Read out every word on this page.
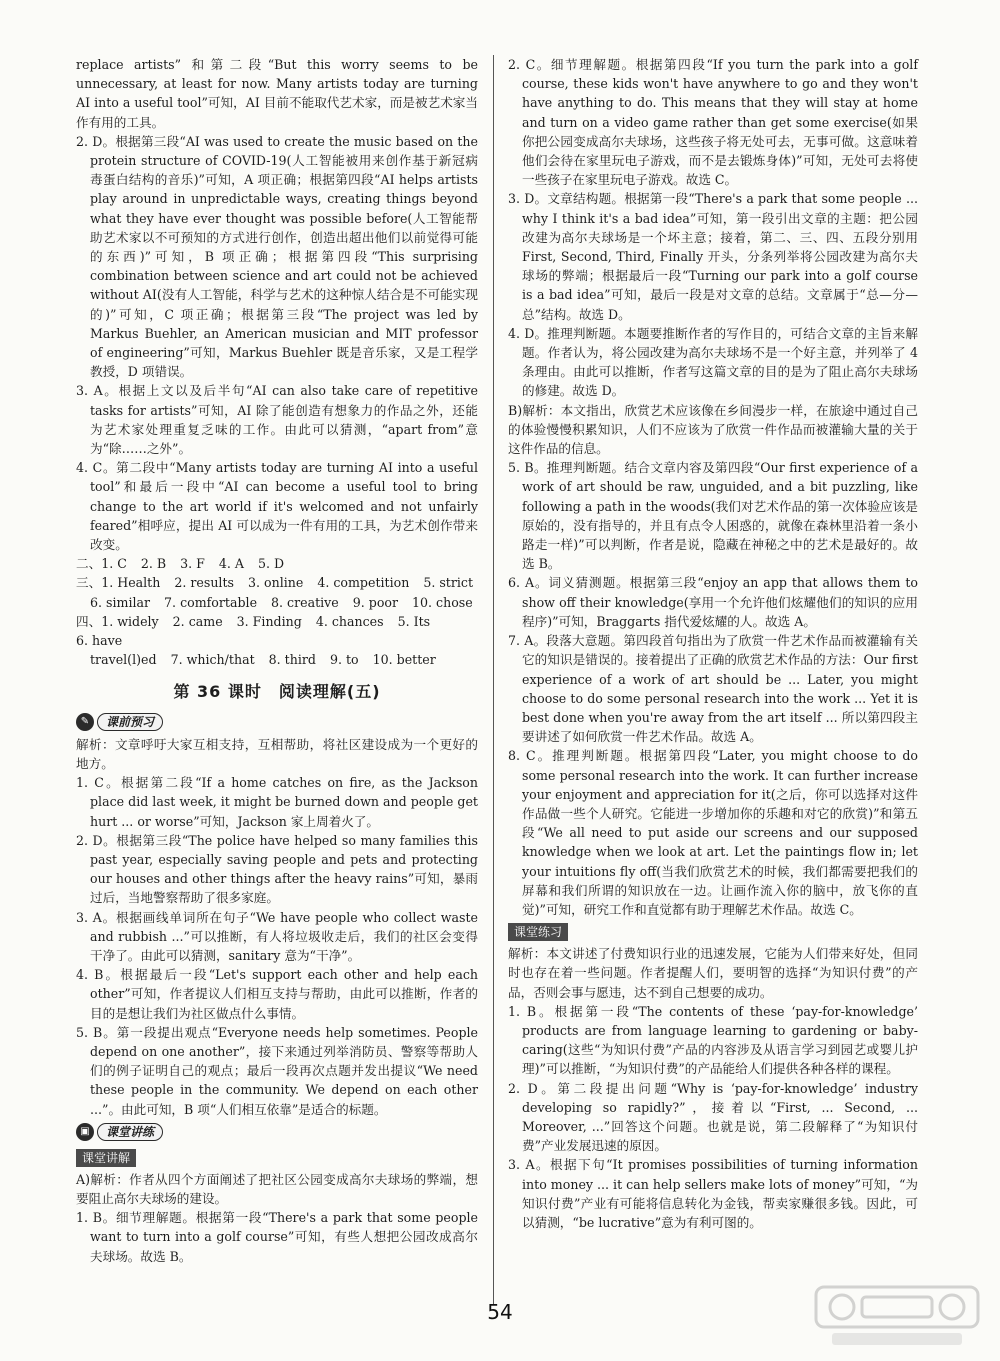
replace artists” 和第二段“But this worry seems to be unnecessary, at least for now. Many artists today are turning AI into a useful tool”可知，AI 目前不能取代艺术家，而是被艺术家当作有用的工具。

2. D。根据第三段“AI was used to create the music based on the protein structure of COVID-19(人工智能被用来创作基于新冠病毒蛋白结构的音乐)”可知，A 项正确；根据第四段“AI helps artists play around in unpredictable ways, creating things beyond what they have ever thought was possible before(人工智能帮助艺术家以不可预知的方式进行创作，创造出超出他们以前觉得可能的东西)”可知，B 项正确；根据第四段“This surprising combination between science and art could not be achieved without AI(没有人工智能，科学与艺术的这种惊人结合是不可能实现的)”可知，C 项正确；根据第三段“The project was led by Markus Buehler, an American musician and MIT professor of engineering”可知，Markus Buehler 既是音乐家，又是工程学教授，D 项错误。

3. A。根据上文以及后半句“AI can also take care of repetitive tasks for artists”可知，AI 除了能创造有想象力的作品之外，还能为艺术家处理重复乏味的工作。由此可以猜测，“apart from”意为“除……之外”。

4. C。第二段中“Many artists today are turning AI into a useful tool”和最后一段中“AI can become a useful tool to bring change to the art world if it's welcomed and not unfairly feared”相呼应，提出 AI 可以成为一件有用的工具，为艺术创作带来改变。

二、1. C 2. B 3. F 4. A 5. D
三、1. Health 2. results 3. online 4. competition 5. strict
6. similar 7. comfortable 8. creative 9. poor 10. chose
四、1. widely 2. came 3. Finding 4. chances 5. Its
6. have
travel(l)ed 7. which/that 8. third 9. to 10. better
第 36 课时　阅读理解(五)
✎	课前预习

解析：文章呼吁大家互相支持，互相帮助，将社区建设成为一个更好的地方。

1. C。根据第二段“If a home catches on fire, as the Jackson place did last week, it might be burned down and people get hurt ... or worse”可知，Jackson 家上周着火了。

2. D。根据第三段“The police have helped so many families this past year, especially saving people and pets and protecting our houses and other things after the heavy rains”可知，暴雨过后，当地警察帮助了很多家庭。

3. A。根据画线单词所在句子“We have people who collect waste and rubbish ...”可以推断，有人将垃圾收走后，我们的社区会变得干净了。由此可以猜测，sanitary 意为“干净”。

4. B。根据最后一段“Let's support each other and help each other”可知，作者提议人们相互支持与帮助，由此可以推断，作者的目的是想让我们为社区做点什么事情。

5. B。第一段提出观点“Everyone needs help sometimes. People depend on one another”，接下来通过列举消防员、警察等帮助人们的例子证明自己的观点；最后一段再次点题并发出提议“We need these people in the community. We depend on each other ...”。由此可知，B 项“人们相互依靠”是适合的标题。

▣	课堂讲练
课堂讲解

A)解析：作者从四个方面阐述了把社区公园变成高尔夫球场的弊端，想要阻止高尔夫球场的建设。

1. B。细节理解题。根据第一段“There's a park that some people want to turn into a golf course”可知，有些人想把公园改成高尔夫球场。故选 B。

2. C。细节理解题。根据第四段“If you turn the park into a golf course, these kids won't have anywhere to go and they won't have anything to do. This means that they will stay at home and turn on a video game rather than get some exercise(如果你把公园变成高尔夫球场，这些孩子将无处可去，无事可做。这意味着他们会待在家里玩电子游戏，而不是去锻炼身体)”可知，无处可去将使一些孩子在家里玩电子游戏。故选 C。

3. D。文章结构题。根据第一段“There's a park that some people ... why I think it's a bad idea”可知，第一段引出文章的主题：把公园改建为高尔夫球场是一个坏主意；接着，第二、三、四、五段分别用 First, Second, Third, Finally 开头，分条列举将公园改建为高尔夫球场的弊端；根据最后一段“Turning our park into a golf course is a bad idea”可知，最后一段是对文章的总结。文章属于“总—分—总”结构。故选 D。

4. D。推理判断题。本题要推断作者的写作目的，可结合文章的主旨来解题。作者认为，将公园改建为高尔夫球场不是一个好主意，并列举了 4 条理由。由此可以推断，作者写这篇文章的目的是为了阻止高尔夫球场的修建。故选 D。

B)解析：本文指出，欣赏艺术应该像在乡间漫步一样，在旅途中通过自己的体验慢慢积累知识，人们不应该为了欣赏一件作品而被灌输大量的关于这件作品的信息。

5. B。推理判断题。结合文章内容及第四段“Our first experience of a work of art should be raw, unguided, and a bit puzzling, like following a path in the woods(我们对艺术作品的第一次体验应该是原始的，没有指导的，并且有点令人困惑的，就像在森林里沿着一条小路走一样)”可以判断，作者是说，隐藏在神秘之中的艺术是最好的。故选 B。

6. A。词义猜测题。根据第三段“enjoy an app that allows them to show off their knowledge(享用一个允许他们炫耀他们的知识的应用程序)”可知，Braggarts 指代爱炫耀的人。故选 A。

7. A。段落大意题。第四段首句指出为了欣赏一件艺术作品而被灌输有关它的知识是错误的。接着提出了正确的欣赏艺术作品的方法：Our first experience of a work of art should be ... Later, you might choose to do some personal research into the work ... Yet it is best done when you're away from the art itself ... 所以第四段主要讲述了如何欣赏一件艺术作品。故选 A。

8. C。推理判断题。根据第四段“Later, you might choose to do some personal research into the work. It can further increase your enjoyment and appreciation for it(之后，你可以选择对这件作品做一些个人研究。它能进一步增加你的乐趣和对它的欣赏)”和第五段“We all need to put aside our screens and our supposed knowledge when we look at art. Let the paintings flow in; let your intuitions fly off(当我们欣赏艺术的时候，我们都需要把我们的屏幕和我们所谓的知识放在一边。让画作流入你的脑中，放飞你的直觉)”可知，研究工作和直觉都有助于理解艺术作品。故选 C。

课堂练习

解析：本文讲述了付费知识行业的迅速发展，它能为人们带来好处，但同时也存在着一些问题。作者提醒人们，要明智的选择“为知识付费”的产品，否则会事与愿违，达不到自己想要的成功。

1. B。根据第一段“The contents of these ‘pay-for-knowledge’ products are from language learning to gardening or baby-caring(这些“为知识付费”产品的内容涉及从语言学习到园艺或婴儿护理)”可以推断，“为知识付费”的产品能给人们提供各种各样的课程。

2. D。第二段提出问题“Why is ‘pay-for-knowledge’ industry developing so rapidly?”，接着以“First, ... Second, ... Moreover, ...”回答这个问题。也就是说，第二段解释了“为知识付费”产业发展迅速的原因。

3. A。根据下句“It promises possibilities of turning information into money ... it can help sellers make lots of money”可知，“为知识付费”产业有可能将信息转化为金钱，帮卖家赚很多钱。因此，可以猜测，“be lucrative”意为有利可图的。

54
